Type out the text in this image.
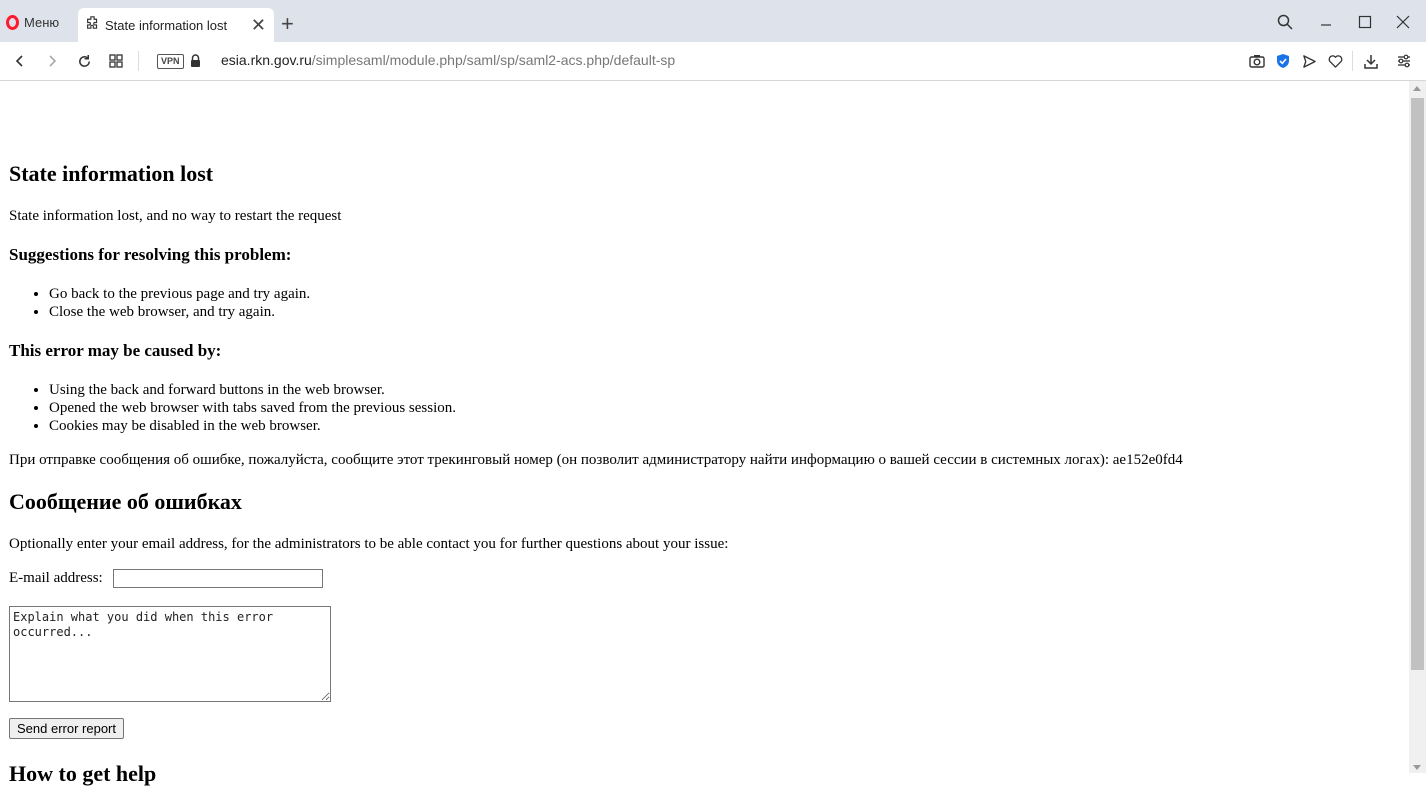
Меню	State information lost	✕ +
VPN	esia.rkn.gov.ru/simplesaml/module.php/saml/sp/saml2-acs.php/default-sp
State information lost
State information lost, and no way to restart the request
Suggestions for resolving this problem:
• Go back to the previous page and try again.
• Close the web browser, and try again.
This error may be caused by:
• Using the back and forward buttons in the web browser.
• Opened the web browser with tabs saved from the previous session.
• Cookies may be disabled in the web browser.
При отправке сообщения об ошибке, пожалуйста, сообщите этот трекинговый номер (он позволит администратору найти информацию о вашей сессии в системных логах): ae152e0fd4
Сообщение об ошибках
Optionally enter your email address, for the administrators to be able contact you for further questions about your issue:
E-mail address:
Explain what you did when this error occurred...
Send error report
How to get help
